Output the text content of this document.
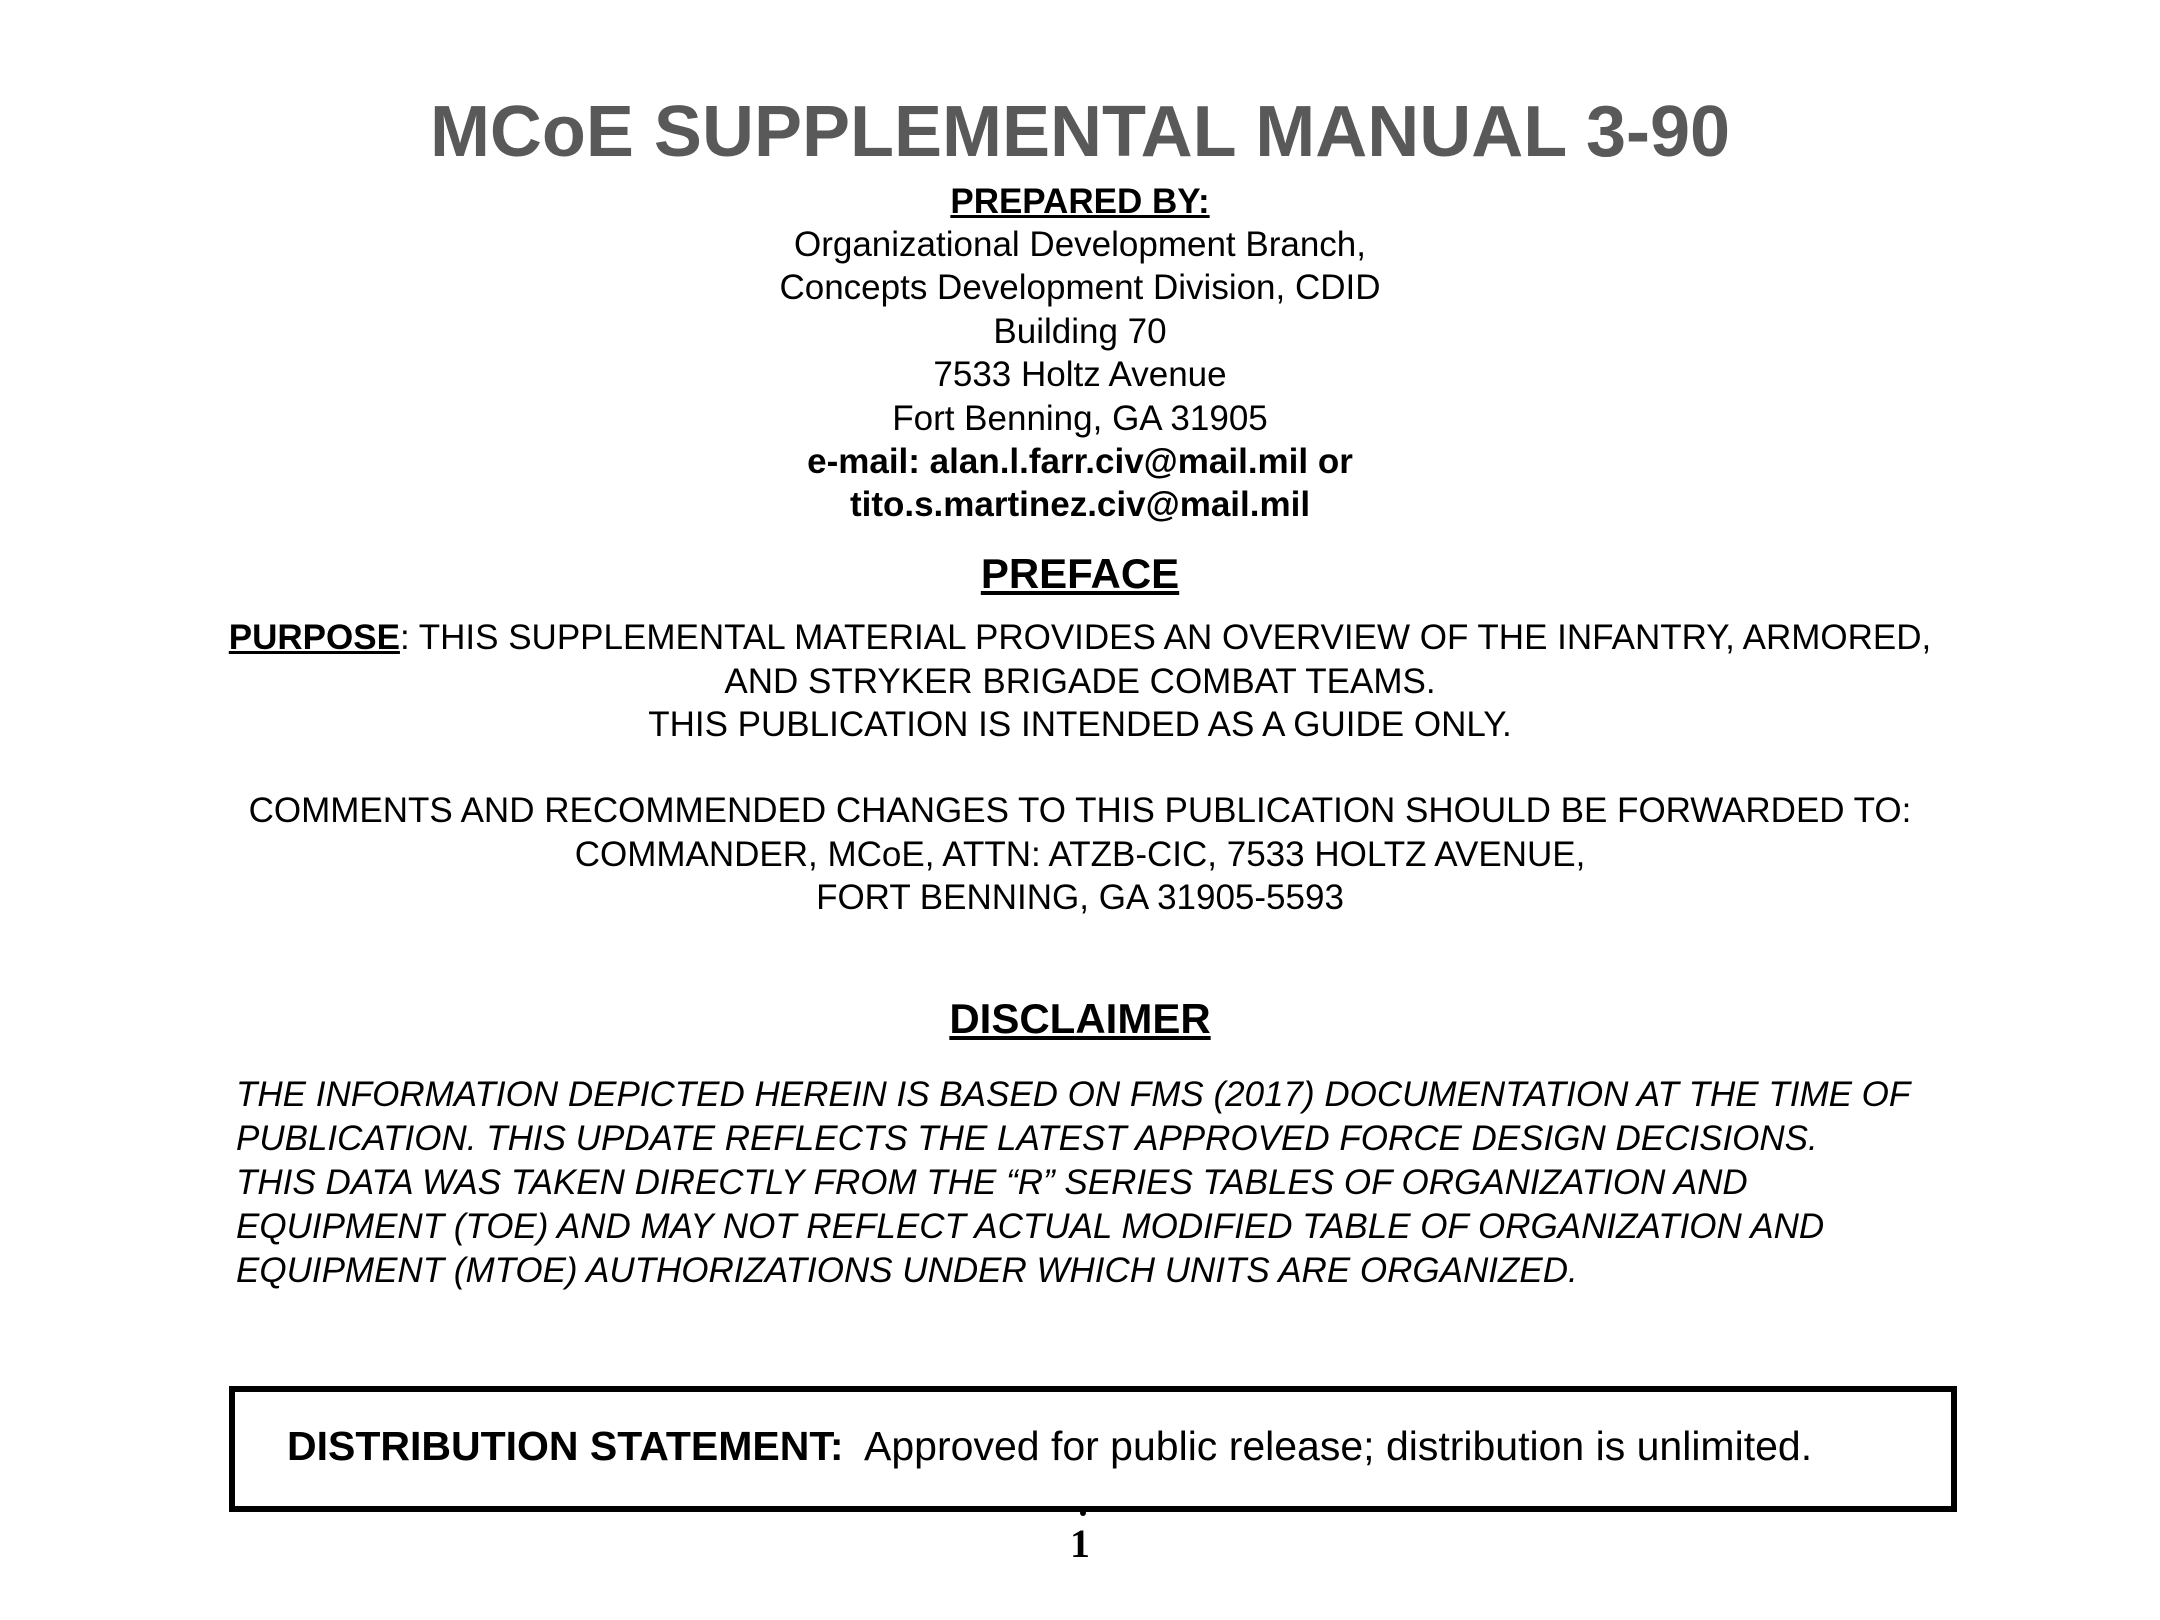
MCoE SUPPLEMENTAL MANUAL 3-90
PREPARED BY:
Organizational Development Branch,
Concepts Development Division, CDID
Building 70
7533 Holtz Avenue
Fort Benning, GA 31905
e-mail: alan.l.farr.civ@mail.mil or
tito.s.martinez.civ@mail.mil
PREFACE
PURPOSE: THIS SUPPLEMENTAL MATERIAL PROVIDES AN OVERVIEW OF THE INFANTRY, ARMORED,
AND STRYKER BRIGADE COMBAT TEAMS.
THIS PUBLICATION IS INTENDED AS A GUIDE ONLY.
COMMENTS AND RECOMMENDED CHANGES TO THIS PUBLICATION SHOULD BE FORWARDED TO:
COMMANDER, MCoE, ATTN: ATZB-CIC, 7533 HOLTZ AVENUE,
FORT BENNING, GA 31905-5593
DISCLAIMER
THE INFORMATION DEPICTED HEREIN IS BASED ON FMS (2017) DOCUMENTATION AT THE TIME OF
PUBLICATION. THIS UPDATE REFLECTS THE LATEST APPROVED FORCE DESIGN DECISIONS.
THIS DATA WAS TAKEN DIRECTLY FROM THE “R” SERIES TABLES OF ORGANIZATION AND
EQUIPMENT (TOE) AND MAY NOT REFLECT ACTUAL MODIFIED TABLE OF ORGANIZATION AND
EQUIPMENT (MTOE) AUTHORIZATIONS UNDER WHICH UNITS ARE ORGANIZED.
DISTRIBUTION STATEMENT:  Approved for public release; distribution is unlimited.
1
